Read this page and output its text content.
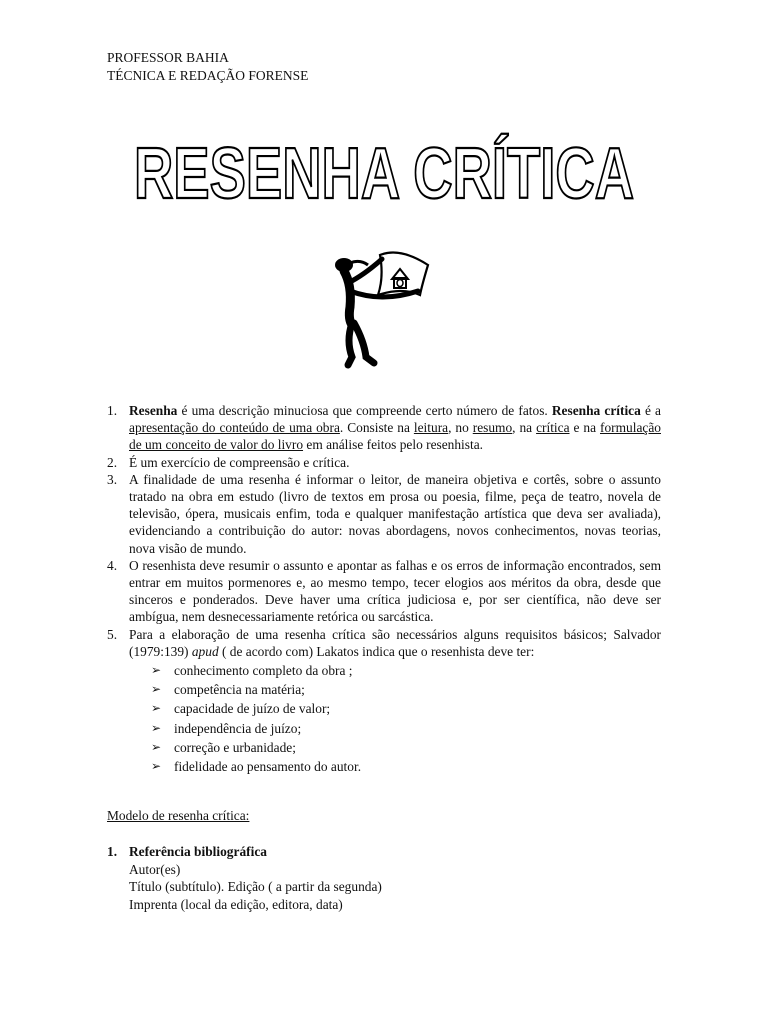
PROFESSOR BAHIA
TÉCNICA E REDAÇÃO FORENSE
RESENHA CRÍTICA
1. Resenha é uma descrição minuciosa que compreende certo número de fatos. Resenha crítica é a apresentação do conteúdo de uma obra. Consiste na leitura, no resumo, na crítica e na formulação de um conceito de valor do livro em análise feitos pelo resenhista.
2. É um exercício de compreensão e crítica.
3. A finalidade de uma resenha é informar o leitor, de maneira objetiva e cortês, sobre o assunto tratado na obra em estudo (livro de textos em prosa ou poesia, filme, peça de teatro, novela de televisão, ópera, musicais enfim, toda e qualquer manifestação artística que deva ser avaliada), evidenciando a contribuição do autor: novas abordagens, novos conhecimentos, novas teorias, nova visão de mundo.
4. O resenhista deve resumir o assunto e apontar as falhas e os erros de informação encontrados, sem entrar em muitos pormenores e, ao mesmo tempo, tecer elogios aos méritos da obra, desde que sinceros e ponderados. Deve haver uma crítica judiciosa e, por ser científica, não deve ser ambígua, nem desnecessariamente retórica ou sarcástica.
5. Para a elaboração de uma resenha crítica são necessários alguns requisitos básicos; Salvador (1979:139) apud ( de acordo com) Lakatos indica que o resenhista deve ter:
➢ conhecimento completo da obra ;
➢ competência na matéria;
➢ capacidade de juízo de valor;
➢ independência de juízo;
➢ correção e urbanidade;
➢ fidelidade ao pensamento do autor.
Modelo de resenha crítica:
1. Referência bibliográfica
Autor(es)
Título (subtítulo). Edição ( a partir da segunda)
Imprenta (local da edição, editora, data)
